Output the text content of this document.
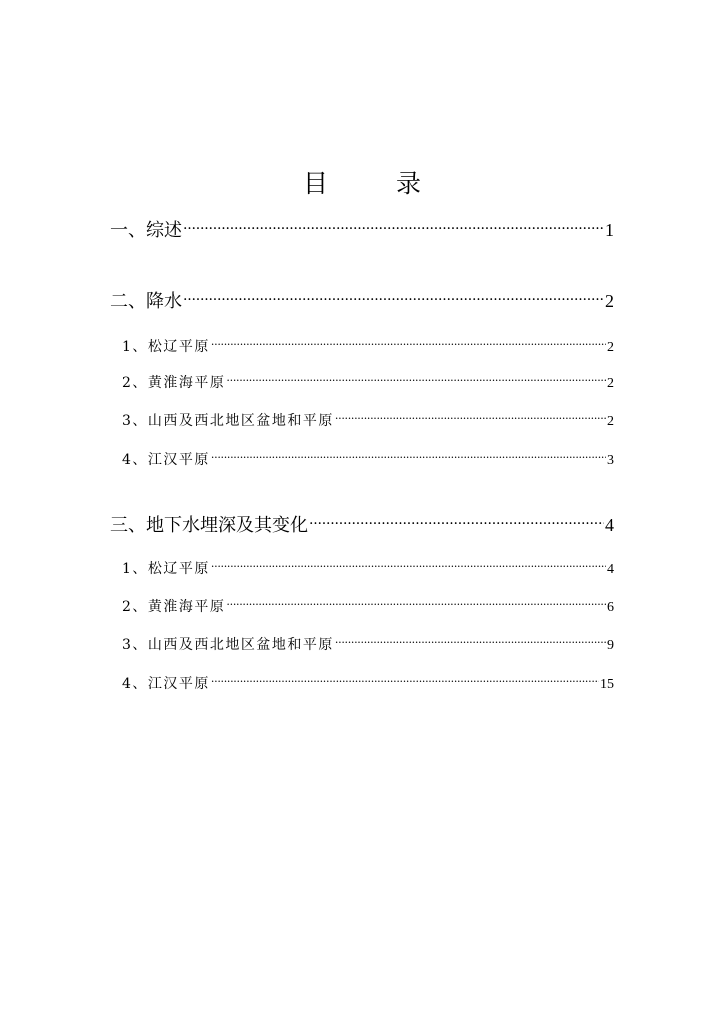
目 录
一、综述 .....	1
二、降水 .....	2
1、松辽平原 .....	2
2、黄淮海平原 .....	2
3、山西及西北地区盆地和平原 .....	2
4、江汉平原 .....	3
三、地下水埋深及其变化 .....	4
1、松辽平原 .....	4
2、黄淮海平原 .....	6
3、山西及西北地区盆地和平原 .....	9
4、江汉平原 .....	15
